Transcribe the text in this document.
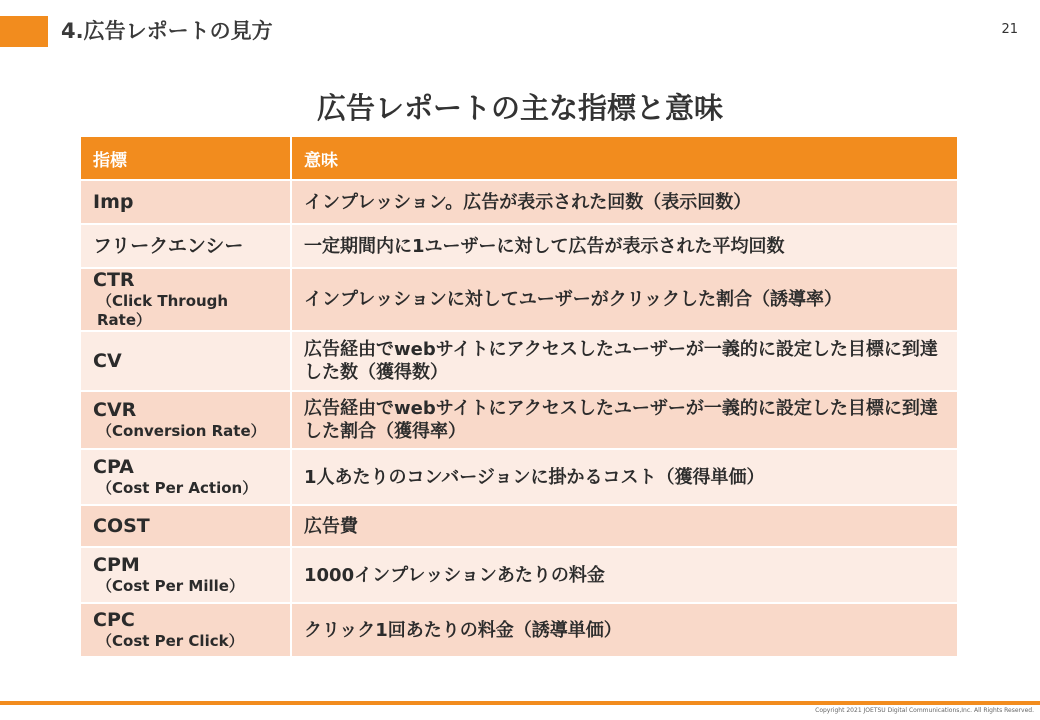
4.広告レポートの見方	21
広告レポートの主な指標と意味
指標	意味

Imp	インプレッション。広告が表示された回数（表示回数）

フリークエンシー	一定期間内に1ユーザーに対して広告が表示された平均回数

CTR
（Click Through Rate）	インプレッションに対してユーザーがクリックした割合（誘導率）

CV	広告経由でwebサイトにアクセスしたユーザーが一義的に設定した目標に到達した数（獲得数）

CVR
（Conversion Rate）	広告経由でwebサイトにアクセスしたユーザーが一義的に設定した目標に到達した割合（獲得率）

CPA
（Cost Per Action）	1人あたりのコンバージョンに掛かるコスト（獲得単価）

COST	広告費

CPM
（Cost Per Mille）	1000インプレッションあたりの料金

CPC
（Cost Per Click）	クリック1回あたりの料金（誘導単価）
Copyright 2021 JOETSU Digital Communications,Inc. All Rights Reserved.
